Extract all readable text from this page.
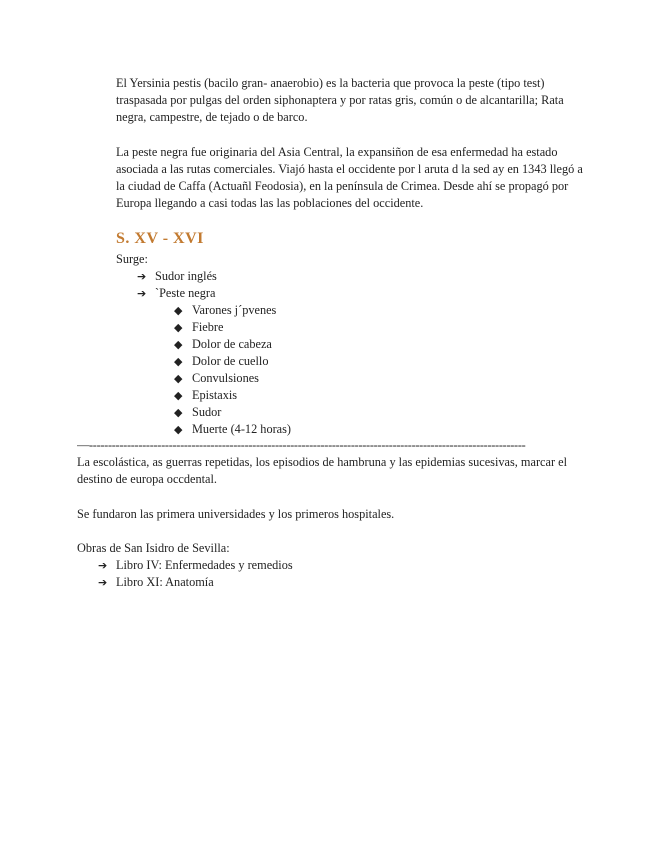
El Yersinia pestis (bacilo gran- anaerobio) es la bacteria que provoca la peste (tipo test) traspasada por pulgas del orden siphonaptera y por ratas gris, común o de alcantarilla; Rata negra, campestre, de tejado o de barco.

La peste negra fue originaria del Asia Central, la expansiñon de esa enfermedad ha estado asociada a las rutas comerciales. Viajó hasta el occidente por l aruta d la sed ay en 1343 llegó a la ciudad de Caffa (Actuañl Feodosia), en la península de Crimea. Desde ahí se propagó por Europa llegando a casi todas las las poblaciones del occidente.

S. XV - XVI
Surge:
➔ Sudor inglés
➔ `Peste negra
◆ Varones j´pvenes
◆ Fiebre
◆ Dolor de cabeza
◆ Dolor de cuello
◆ Convulsiones
◆ Epistaxis
◆ Sudor
◆ Muerte (4-12 horas)
—-------------------------------------------------------------------------------------------------------------------

La escolástica, as guerras repetidas, los episodios de hambruna y las epidemias sucesivas, marcar el destino de europa occdental.

Se fundaron las primera universidades y los primeros hospitales.
Obras de San Isidro de Sevilla:
➔ Libro IV: Enfermedades y remedios
➔ Libro XI: Anatomía
